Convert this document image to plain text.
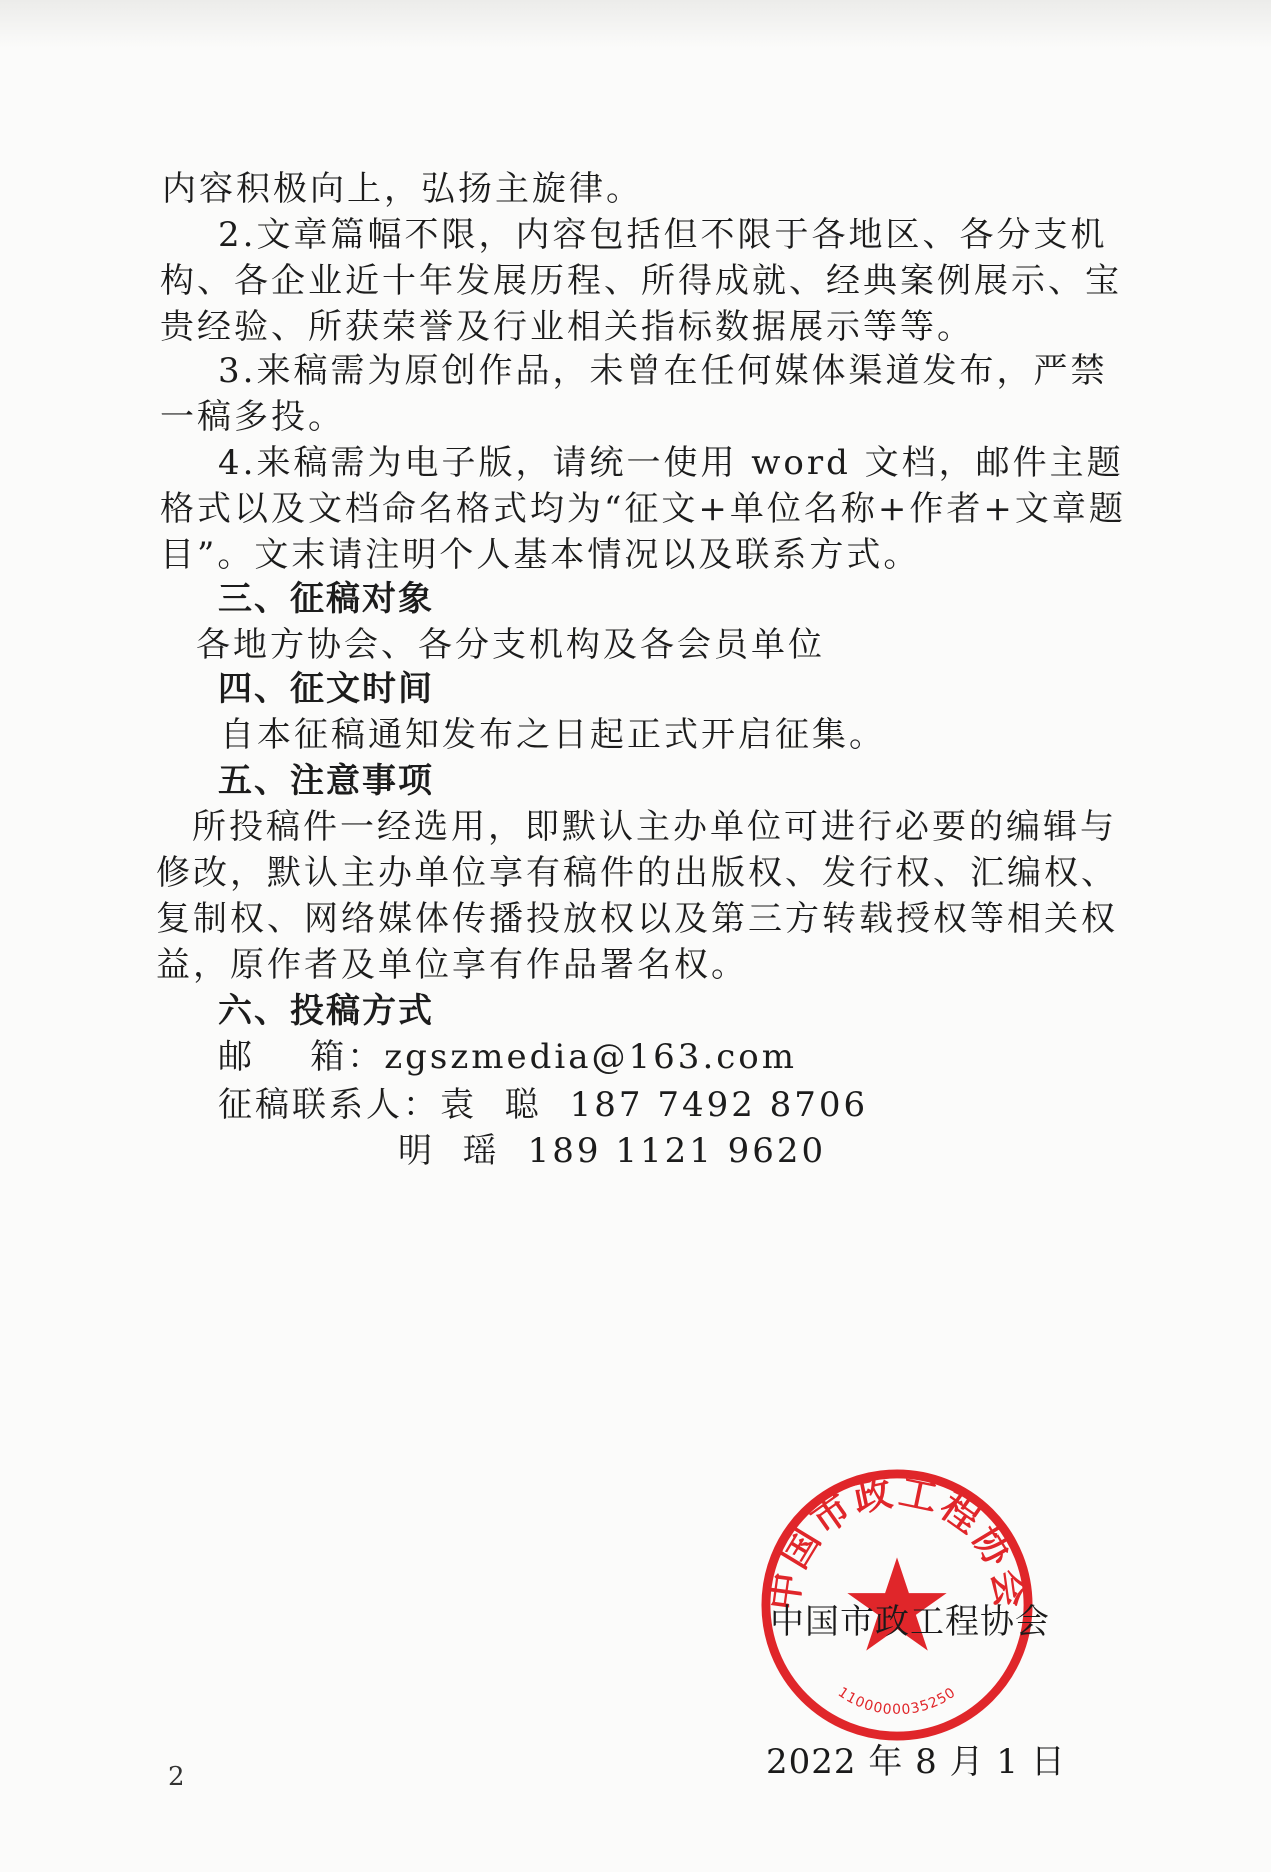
内容积极向上，弘扬主旋律。
2.文章篇幅不限，内容包括但不限于各地区、各分支机
构、各企业近十年发展历程、所得成就、经典案例展示、宝
贵经验、所获荣誉及行业相关指标数据展示等等。
3.来稿需为原创作品，未曾在任何媒体渠道发布，严禁
一稿多投。
4.来稿需为电子版，请统一使用 word 文档，邮件主题
格式以及文档命名格式均为“征文+单位名称+作者+文章题
目”。文末请注明个人基本情况以及联系方式。
三、征稿对象
各地方协会、各分支机构及各会员单位
四、征文时间
自本征稿通知发布之日起正式开启征集。
五、注意事项
所投稿件一经选用，即默认主办单位可进行必要的编辑与
修改，默认主办单位享有稿件的出版权、发行权、汇编权、
复制权、网络媒体传播投放权以及第三方转载授权等相关权
益，原作者及单位享有作品署名权。
六、投稿方式
邮    箱：zgszmedia@163.com
征稿联系人：袁  聪 187 7492 8706
明  瑶 189 1121 9620
中国市政工程协会
1100000035250

中国市政工程协会

2022 年 8 月 1 日

2
